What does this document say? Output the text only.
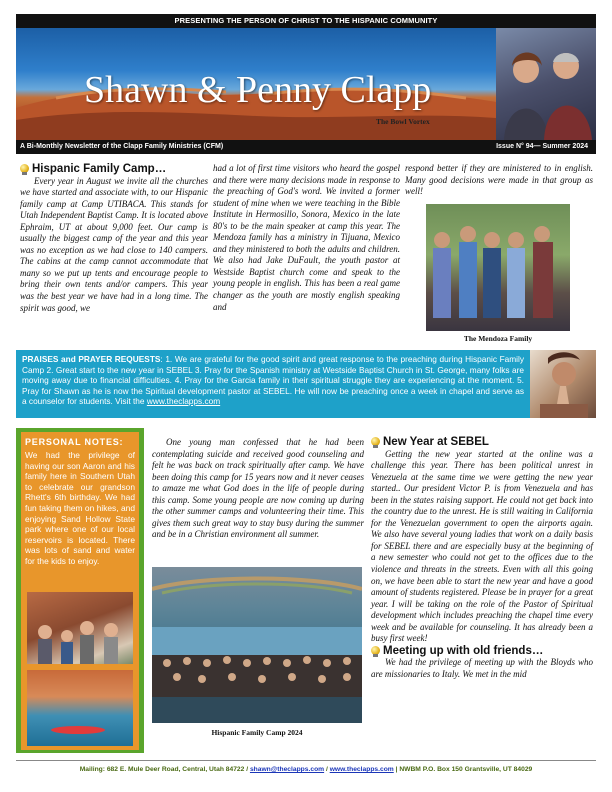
PRESENTING THE PERSON OF CHRIST TO THE HISPANIC COMMUNITY
Shawn & Penny Clapp
The Bowl Vortex
A Bi-Monthly Newsletter of the Clapp Family Ministries (CFM)	Issue N° 94— Summer 2024
Hispanic Family Camp…

Every year in August we invite all the churches we have started and associate with, to our Hispanic family camp at Camp UTIBACA. This stands for Utah Independent Baptist Camp. It is located above Ephraim, UT at about 9,000 feet. Our camp is usually the biggest camp of the year and this year was no exception as we had close to 140 campers. The cabins at the camp cannot accommodate that many so we put up tents and encourage people to bring their own tents and/or campers. This year was the best year we have had in a long time. The spirit was good, we

had a lot of first time visitors who heard the gospel and there were many decisions made in response to the preaching of God's word. We invited a former student of mine when we were teaching in the Bible Institute in Hermosillo, Sonora, Mexico in the late 80's to be the main speaker at camp this year. The Mendoza family has a ministry in Tijuana, Mexico and they ministered to both the adults and children. We also had Jake DuFault, the youth pastor at Westside Baptist church come and speak to the young people in english. This has been a real game changer as the youth are mostly english speaking and

respond better if they are ministered to in english. Many good decisions were made in that group as well!

The Mendoza Family
PRAISES and PRAYER REQUESTS: 1. We are grateful for the good spirit and great response to the preaching during Hispanic Family Camp 2. Great start to the new year in SEBEL 3. Pray for the Spanish ministry at Westside Baptist Church in St. George, many folks are moving away due to financial difficulties. 4. Pray for the Garcia family in their spiritual struggle they are experiencing at the moment. 5. Pray for Shawn as he is now the Spiritual development pastor at SEBEL. He will now be preaching once a week in chapel and serve as a counselor for students. Visit the www.theclapps.com
PERSONAL NOTES:
We had the privilege of having our son Aaron and his family here in Southern Utah to celebrate our grandson Rhett's 6th birthday. We had fun taking them on hikes, and enjoying Sand Hollow State park where one of our local reservoirs is located. There was lots of sand and water for the kids to enjoy.

One young man confessed that he had been contemplating suicide and received good counseling and felt he was back on track spiritually after camp. We have been doing this camp for 15 years now and it never ceases to amaze me what God does in the life of people during this camp. Some young people are now coming up during the other summer camps and volunteering their time. This gives them such great way to stay busy during the summer and be in a Christian environment all summer.

Hispanic Family Camp 2024
New Year at SEBEL

Getting the new year started at the online was a challenge this year. There has been political unrest in Venezuela at the same time we were getting the new year started.. Our president Victor P. is from Venezuela and has been in the states raising support. He could not get back into the country due to the unrest. He is still waiting in California for the Venezuelan government to open the airports again. We also have several young ladies that work on a daily basis for SEBEL there and are especially busy at the beginning of a new semester who could not get to the offices due to the violence and threats in the streets. Even with all this going on, we have been able to start the new year and have a good amount of students registered. Please be in prayer for a great year. I will be taking on the role of the Pastor of Spiritual development which includes preaching the chapel time every week and be available for counseling. It has already been a busy first week!

Meeting up with old friends…

We had the privilege of meeting up with the Bloyds who are missionaries to Italy. We met in the mid

Mailing: 682 E. Mule Deer Road, Central, Utah 84722 / shawn@theclapps.com / www.theclapps.com | NWBM P.O. Box 150 Grantsville, UT 84029
